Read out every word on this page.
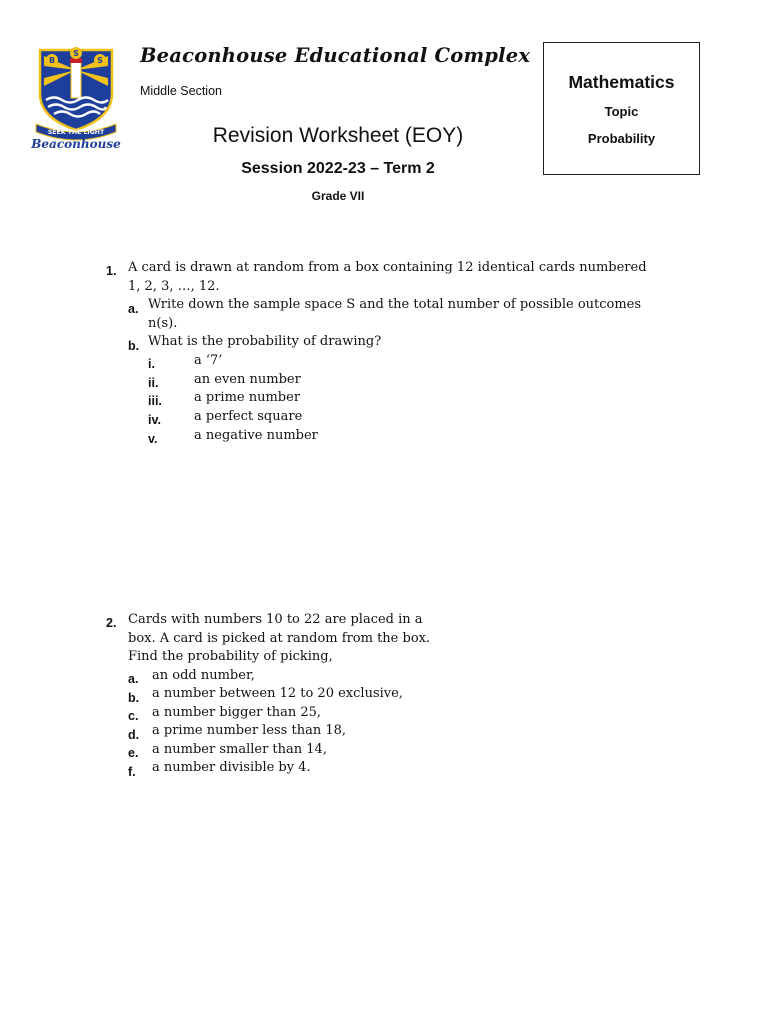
B
S
S
SEEK THE LIGHT
Beaconhouse
Beaconhouse Educational Complex
Middle Section
Revision Worksheet (EOY)
Session 2022-23 – Term 2
Grade VII
Mathematics
Topic
Probability
1. A card is drawn at random from a box containing 12 identical cards numbered
1, 2, 3, …, 12.
a. Write down the sample space S and the total number of possible outcomes
n(s).
b. What is the probability of drawing?
i.	a ‘7’
ii.	an even number
iii. a prime number
iv.	a perfect square
v.	a negative number
2. Cards with numbers 10 to 22 are placed in a
box. A card is picked at random from the box.
Find the probability of picking,
a. an odd number,
b. a number between 12 to 20 exclusive,
c. a number bigger than 25,
d. a prime number less than 18,
e. a number smaller than 14,
f. a number divisible by 4.
